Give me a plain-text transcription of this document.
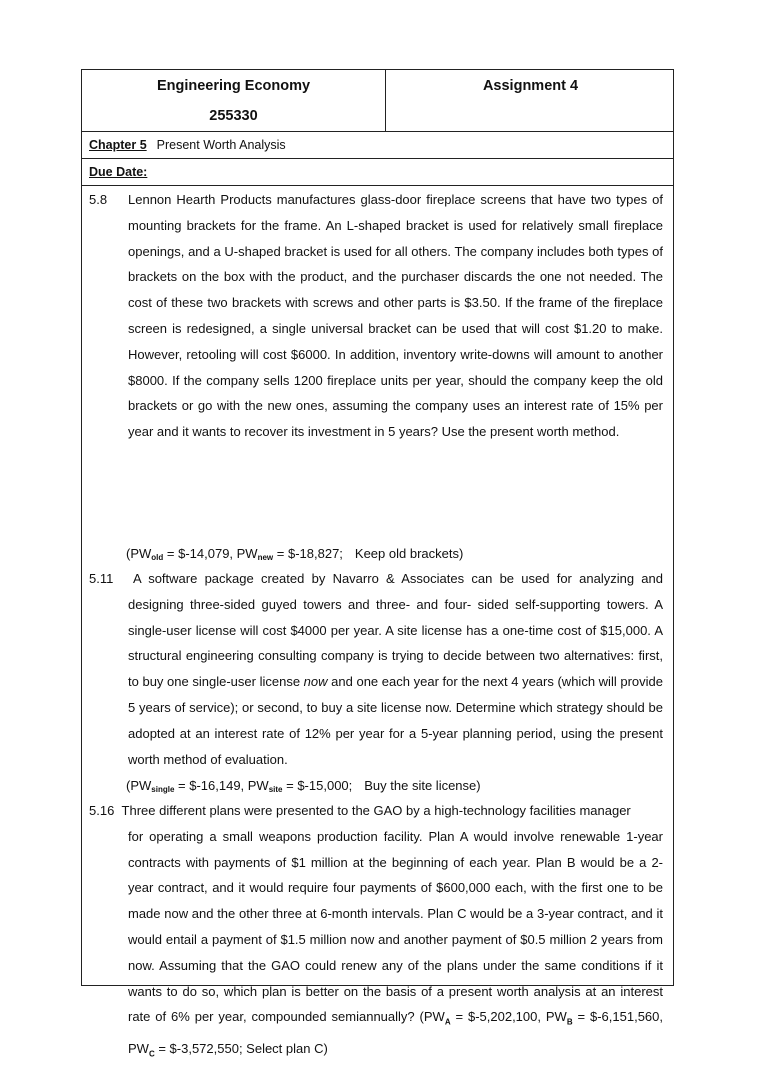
Engineering Economy
255330
Assignment 4
Chapter 5 Present Worth Analysis
Due Date:
5.8 Lennon Hearth Products manufactures glass-door fireplace screens that have two types of mounting brackets for the frame. An L-shaped bracket is used for relatively small fireplace openings, and a U-shaped bracket is used for all others. The company includes both types of brackets on the box with the product, and the purchaser discards the one not needed. The cost of these two brackets with screws and other parts is $3.50. If the frame of the fireplace screen is redesigned, a single universal bracket can be used that will cost $1.20 to make. However, retooling will cost $6000. In addition, inventory write-downs will amount to another $8000. If the company sells 1200 fireplace units per year, should the company keep the old brackets or go with the new ones, assuming the company uses an interest rate of 15% per year and it wants to recover its investment in 5 years? Use the present worth method.
($PW_{old}$ = $-14,079, $PW_{new}$ = $-18,827; Keep old brackets)
5.11	A software package created by Navarro & Associates can be used for analyzing and designing three-sided guyed towers and three- and four- sided self-supporting towers. A single-user license will cost $4000 per year. A site license has a one-time cost of $15,000. A structural engineering consulting company is trying to decide between two alternatives: first, to buy one single-user license now and one each year for the next 4 years (which will provide 5 years of service); or second, to buy a site license now. Determine which strategy should be adopted at an interest rate of 12% per year for a 5-year planning period, using the present worth method of evaluation.
($PW_{single}$ = $-16,149, $PW_{site}$ = $-15,000; Buy the site license)
5.16 Three different plans were presented to the GAO by a high-technology facilities manager
for operating a small weapons production facility. Plan A would involve renewable 1-year contracts with payments of $1 million at the beginning of each year. Plan B would be a 2-year contract, and it would require four payments of $600,000 each, with the first one to be made now and the other three at 6-month intervals. Plan C would be a 3-year contract, and it would entail a payment of $1.5 million now and another payment of $0.5 million 2 years from now. Assuming that the GAO could renew any of the plans under the same conditions if it wants to do so, which plan is better on the basis of a present worth analysis at an interest rate of 6% per year, compounded semiannually? ($PW_A$ = $-5,202,100, $PW_B$ = $-6,151,560, $PW_C$ = $-3,572,550; Select plan C)
